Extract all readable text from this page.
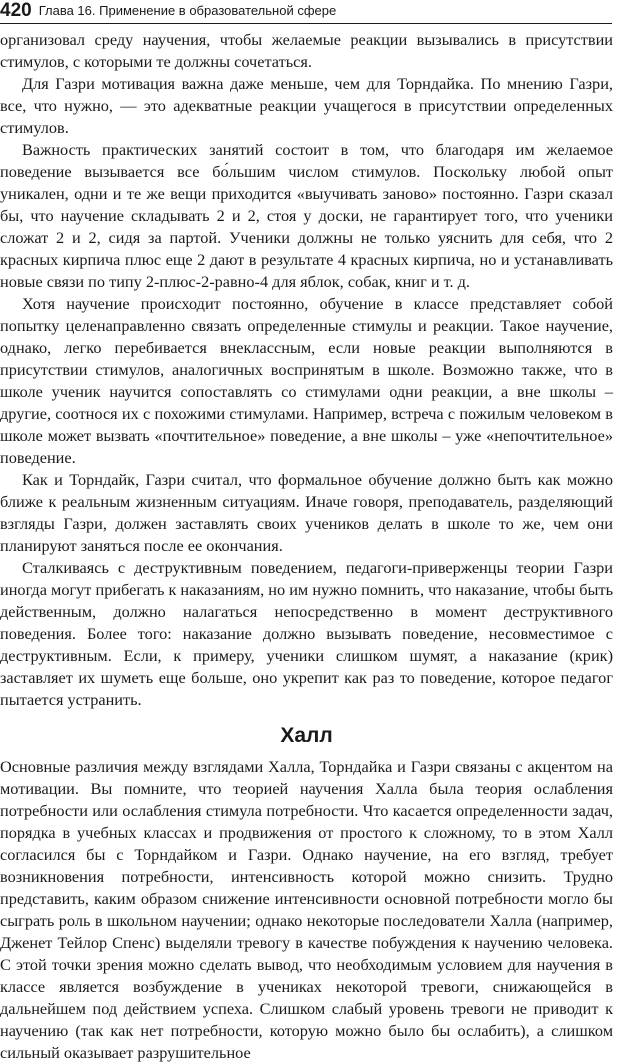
420 Глава 16. Применение в образовательной сфере

организовал среду научения, чтобы желаемые реакции вызывались в присутствии стимулов, с которыми те должны сочетаться.

Для Газри мотивация важна даже меньше, чем для Торндайка. По мнению Газри, все, что нужно, — это адекватные реакции учащегося в присутствии определенных стимулов.

Важность практических занятий состоит в том, что благодаря им желаемое поведение вызывается все бо́льшим числом стимулов. Поскольку любой опыт уникален, одни и те же вещи приходится «выучивать заново» постоянно. Газри сказал бы, что научение складывать 2 и 2, стоя у доски, не гарантирует того, что ученики сложат 2 и 2, сидя за партой. Ученики должны не только уяснить для себя, что 2 красных кирпича плюс еще 2 дают в результате 4 красных кирпича, но и устанавливать новые связи по типу 2-плюс-2-равно-4 для яблок, собак, книг и т. д.

Хотя научение происходит постоянно, обучение в классе представляет собой попытку целенаправленно связать определенные стимулы и реакции. Такое научение, однако, легко перебивается внеклассным, если новые реакции выполняются в присутствии стимулов, аналогичных воспринятым в школе. Возможно также, что в школе ученик научится сопоставлять со стимулами одни реакции, а вне школы – другие, соотнося их с похожими стимулами. Например, встреча с пожилым человеком в школе может вызвать «почтительное» поведение, а вне школы – уже «непочтительное» поведение.

Как и Торндайк, Газри считал, что формальное обучение должно быть как можно ближе к реальным жизненным ситуациям. Иначе говоря, преподаватель, разделяющий взгляды Газри, должен заставлять своих учеников делать в школе то же, чем они планируют заняться после ее окончания.

Сталкиваясь с деструктивным поведением, педагоги-приверженцы теории Газри иногда могут прибегать к наказаниям, но им нужно помнить, что наказание, чтобы быть действенным, должно налагаться непосредственно в момент деструктивного поведения. Более того: наказание должно вызывать поведение, несовместимое с деструктивным. Если, к примеру, ученики слишком шумят, а наказание (крик) заставляет их шуметь еще больше, оно укрепит как раз то поведение, которое педагог пытается устранить.

Халл

Основные различия между взглядами Халла, Торндайка и Газри связаны с акцентом на мотивации. Вы помните, что теорией научения Халла была теория ослабления потребности или ослабления стимула потребности. Что касается определенности задач, порядка в учебных классах и продвижения от простого к сложному, то в этом Халл согласился бы с Торндайком и Газри. Однако научение, на его взгляд, требует возникновения потребности, интенсивность которой можно снизить. Трудно представить, каким образом снижение интенсивности основной потребности могло бы сыграть роль в школьном научении; однако некоторые последователи Халла (например, Дженет Тейлор Спенс) выделяли тревогу в качестве побуждения к научению человека. С этой точки зрения можно сделать вывод, что необходимым условием для научения в классе является возбуждение в учениках некоторой тревоги, снижающейся в дальнейшем под действием успеха. Слишком слабый уровень тревоги не приводит к научению (так как нет потребности, которую можно было бы ослабить), а слишком сильный оказывает разрушительное
